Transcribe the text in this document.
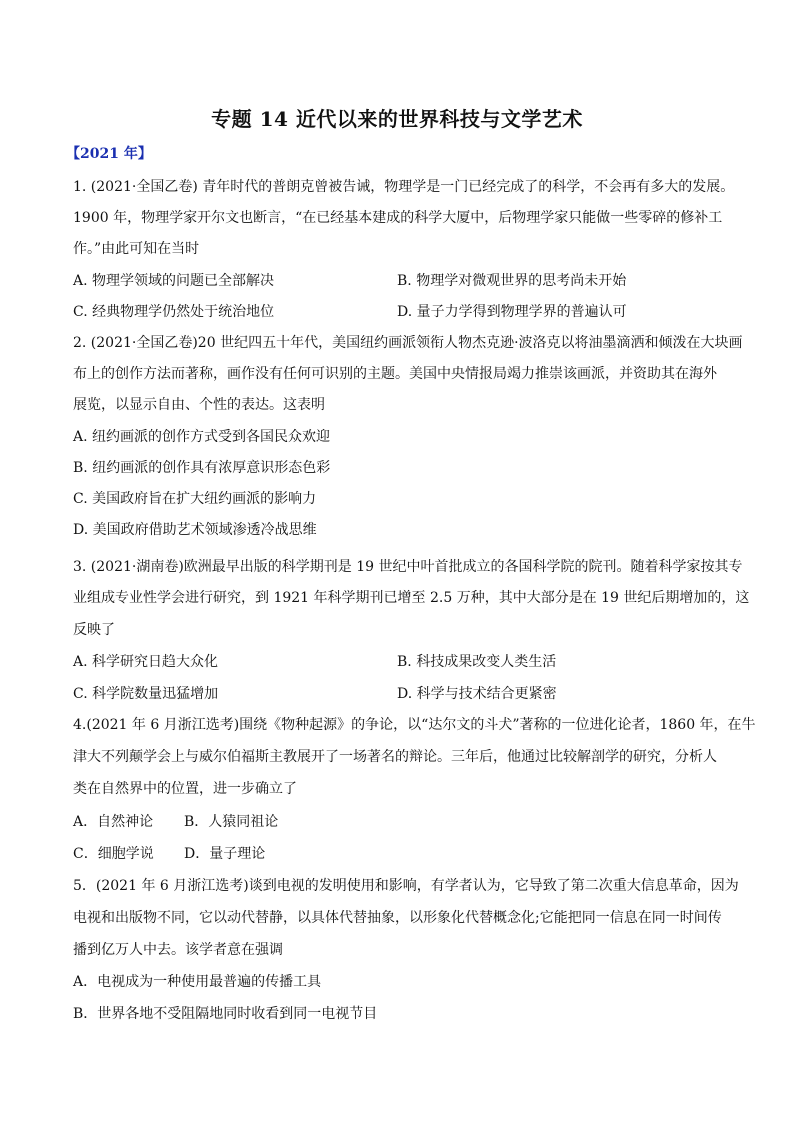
专题 14 近代以来的世界科技与文学艺术
【2021 年】
1. (2021·全国乙卷) 青年时代的普朗克曾被告诫，物理学是一门已经完成了的科学，不会再有多大的发展。
1900 年，物理学家开尔文也断言，“在已经基本建成的科学大厦中，后物理学家只能做一些零碎的修补工
作。”由此可知在当时
A. 物理学领域的问题已全部解决	B. 物理学对微观世界的思考尚未开始
C. 经典物理学仍然处于统治地位	D. 量子力学得到物理学界的普遍认可
2. (2021·全国乙卷)20 世纪四五十年代，美国纽约画派领衔人物杰克逊·波洛克以将油墨滴洒和倾泼在大块画
布上的创作方法而著称，画作没有任何可识别的主题。美国中央情报局竭力推崇该画派，并资助其在海外
展览，以显示自由、个性的表达。这表明
A. 纽约画派的创作方式受到各国民众欢迎
B. 纽约画派的创作具有浓厚意识形态色彩
C. 美国政府旨在扩大纽约画派的影响力
D. 美国政府借助艺术领域渗透冷战思维
3. (2021·湖南卷)欧洲最早出版的科学期刊是 19 世纪中叶首批成立的各国科学院的院刊。随着科学家按其专
业组成专业性学会进行研究，到 1921 年科学期刊已增至 2.5 万种，其中大部分是在 19 世纪后期增加的，这
反映了
A. 科学研究日趋大众化	B. 科技成果改变人类生活
C. 科学院数量迅猛增加	D. 科学与技术结合更紧密
4.(2021 年 6 月浙江选考)围绕《物种起源》的争论，以“达尔文的斗犬”著称的一位进化论者，1860 年，在牛
津大不列颠学会上与威尔伯福斯主教展开了一场著名的辩论。三年后，他通过比较解剖学的研究，分析人
类在自然界中的位置，进一步确立了
A．自然神论 B．人猿同祖论
C．细胞学说 D．量子理论
5．(2021 年 6 月浙江选考)谈到电视的发明使用和影响，有学者认为，它导致了第二次重大信息革命，因为
电视和出版物不同，它以动代替静，以具体代替抽象，以形象化代替概念化;它能把同一信息在同一时间传
播到亿万人中去。该学者意在强调
A．电视成为一种使用最普遍的传播工具
B．世界各地不受阻隔地同时收看到同一电视节目
